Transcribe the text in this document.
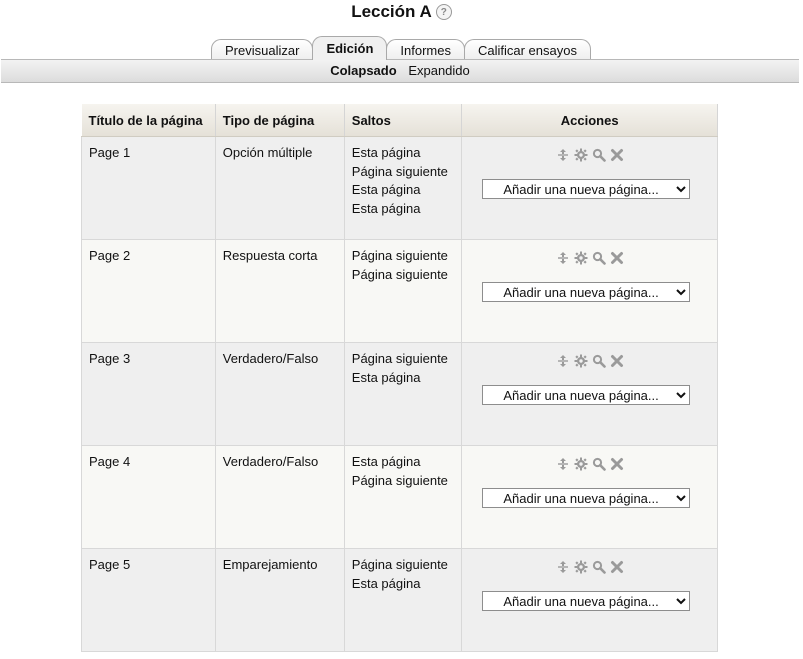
Lección A ?
Previsualizar	Edición	Informes	Calificar ensayos
Colapsado Expandido
Título de la página	Tipo de página	Saltos	Acciones
Page 1	Opción múltiple	Esta página
Página siguiente
Esta página
Esta página

Añadir una nueva página...

Page 2	Respuesta corta	Página siguiente
Página siguiente

Añadir una nueva página...

Page 3	Verdadero/Falso	Página siguiente
Esta página

Añadir una nueva página...

Page 4	Verdadero/Falso	Esta página
Página siguiente

Añadir una nueva página...

Page 5	Emparejamiento	Página siguiente
Esta página

Añadir una nueva página...
